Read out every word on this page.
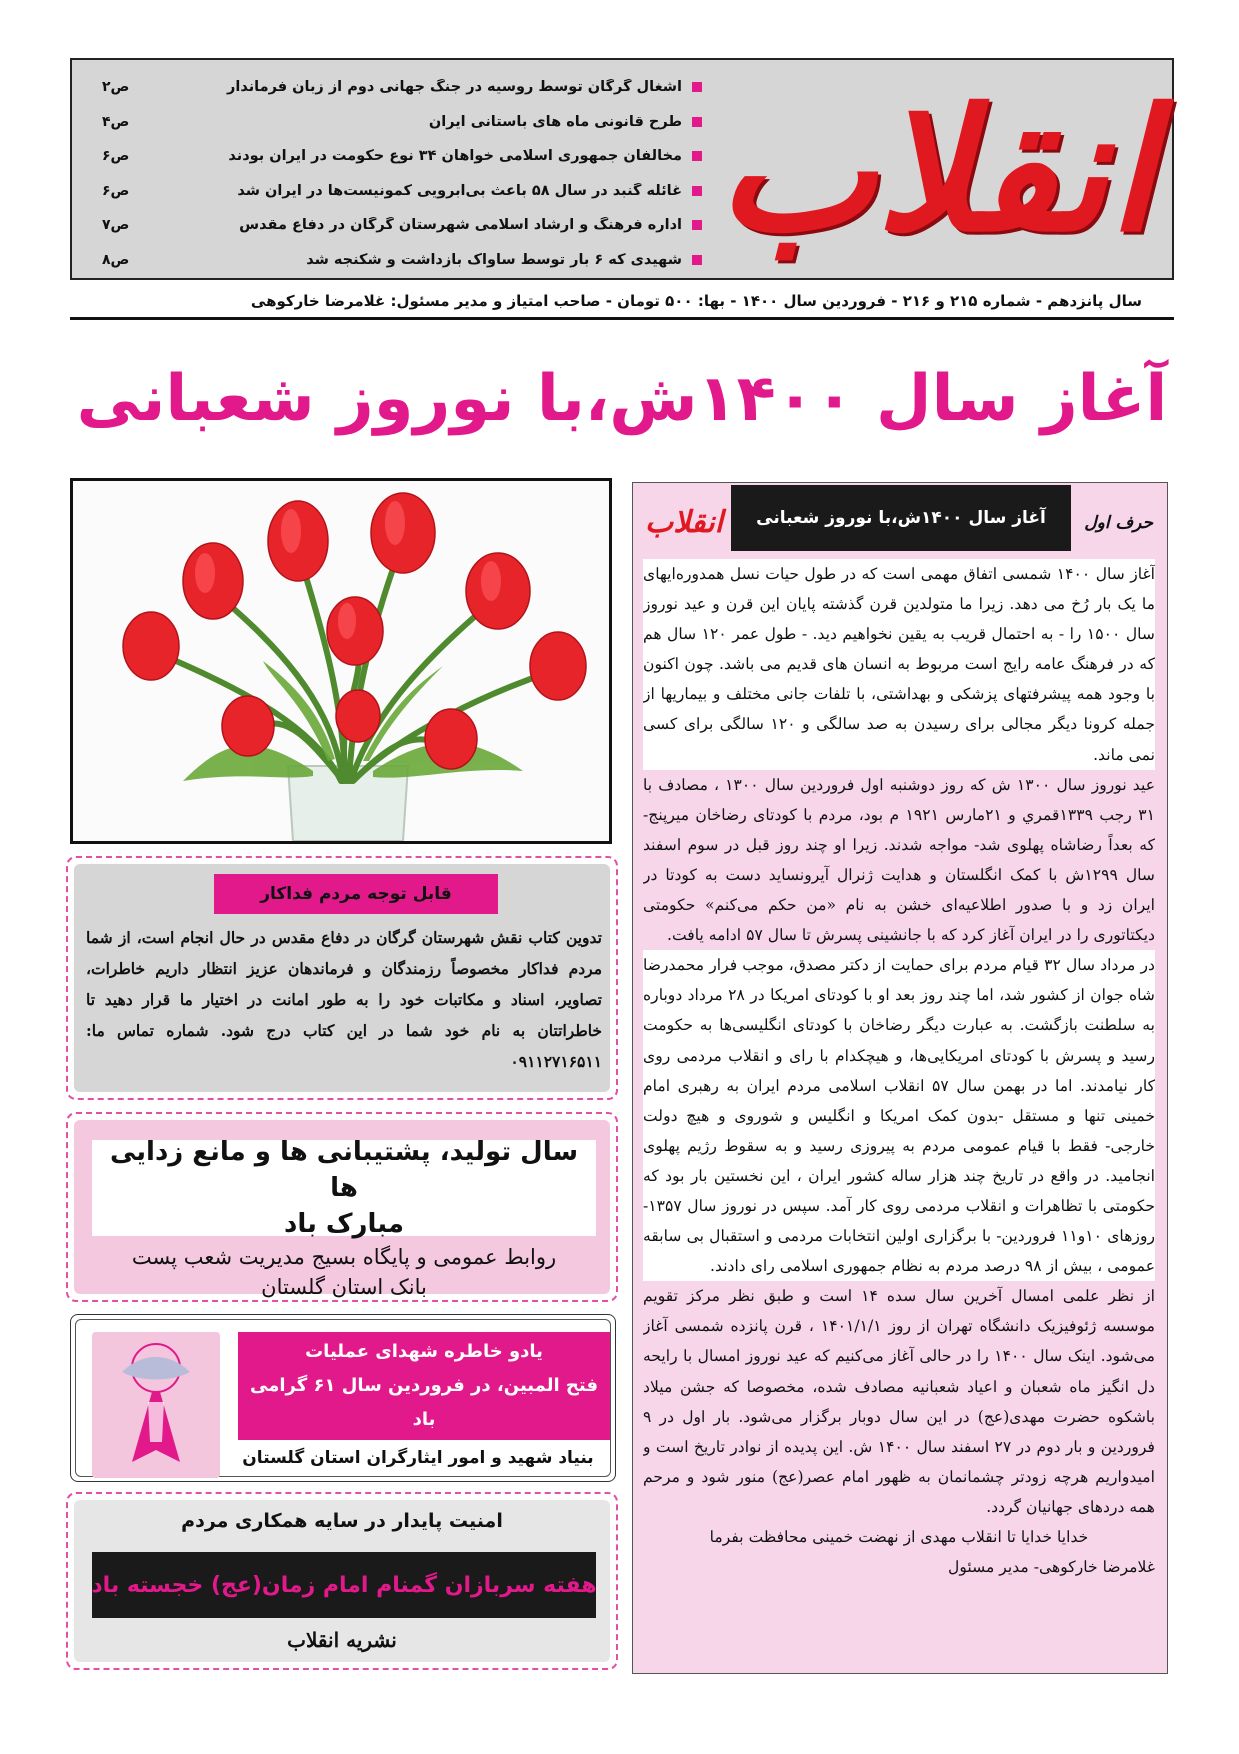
انقلاب
اشغال گرگان توسط روسیه در جنگ جهانی دوم از زبان فرماندار
ص۲
طرح قانونی ماه های باستانی ایران
ص۴
مخالفان جمهوری اسلامی خواهان ۳۴ نوع حکومت در ایران بودند
ص۶
غائله گنبد در سال ۵۸ باعث بی‌آبرویی کمونیست‌ها در ایران شد
ص۶
اداره فرهنگ و ارشاد اسلامی شهرستان گرگان در دفاع مقدس
ص۷
شهیدی که ۶ بار توسط ساواک بازداشت و شکنجه شد
ص۸
سال پانزدهم - شماره ۲۱۵ و ۲۱۶ - فروردین سال ۱۴۰۰ - بها: ۵۰۰ تومان - صاحب امتیاز و مدیر مسئول: غلامرضا خارکوهی
آغاز سال ۱۴۰۰ش،با نوروز شعبانی
قابل توجه مردم فداکار
تدوین کتاب نقش شهرستان گرگان در دفاع مقدس در حال انجام است، از شما مردم فداکار مخصوصاً رزمندگان و فرماندهان عزیز انتظار داریم خاطرات، تصاویر، اسناد و مکاتبات خود را به طور امانت در اختیار ما قرار دهید تا خاطراتتان به نام خود شما در این کتاب درج شود. شماره تماس ما: ۰۹۱۱۲۷۱۶۵۱۱
سال تولید، پشتیبانی ها و مانع زدایی ها
مبارک باد
روابط عمومی و پایگاه بسیج مدیریت شعب پست
بانک استان گلستان
یادو خاطره شهدای عملیات
فتح المبین، در فروردین سال ۶۱ گرامی باد
بنیاد شهید و امور ایثارگران استان گلستان
امنیت پایدار در سایه همکاری مردم
هفته سربازان گمنام امام زمان(عج) خجسته باد
نشریه انقلاب
حرف اول
آغاز سال ۱۴۰۰ش،با نوروز شعبانی
انقلاب

آغاز سال ۱۴۰۰ شمسی اتفاق مهمی است که در طول حیات نسل همدوره‌ایهای ما یک بار رُخ می دهد. زیرا ما متولدین قرن گذشته پایان این قرن و عید نوروز سال ۱۵۰۰ را - به احتمال قریب به یقین نخواهیم دید. - طول عمر ۱۲۰ سال هم که در فرهنگ عامه رایج است مربوط به انسان های قدیم می باشد. چون اکنون با وجود همه پیشرفتهای پزشکی و بهداشتی، با تلفات جانی مختلف و بیماریها از جمله کرونا دیگر مجالی برای رسیدن به صد سالگی و ۱۲۰ سالگی برای کسی نمی ماند.

عید نوروز سال ۱۳۰۰ ش که روز دوشنبه اول فروردین سال ۱۳۰۰ ، مصادف با ۳۱ رجب ۱۳۳۹قمري و ۲۱مارس ۱۹۲۱ م بود، مردم با کودتای رضاخان میرپنج- که بعداً رضاشاه پهلوی شد- مواجه شدند. زیرا او چند روز قبل در سوم اسفند سال ۱۲۹۹ش با کمک انگلستان و هدایت ژنرال آیرونساید دست به کودتا در ایران زد و با صدور اطلاعیه‌ای خشن به نام «من حکم می‌کنم» حکومتی دیکتاتوری را در ایران آغاز کرد که با جانشینی پسرش تا سال ۵۷ ادامه یافت.

در مرداد سال ۳۲ قیام مردم برای حمایت از دکتر مصدق، موجب فرار محمدرضا شاه جوان از کشور شد، اما چند روز بعد او با کودتای امریکا در ۲۸ مرداد دوباره به سلطنت بازگشت. به عبارت دیگر رضاخان با کودتای انگلیسی‌ها به حکومت رسید و پسرش با کودتای امریکایی‌ها، و هیچکدام با رای و انقلاب مردمی روی کار نیامدند. اما در بهمن سال ۵۷ انقلاب اسلامی مردم ایران به رهبری امام خمینی تنها و مستقل -بدون کمک امریکا و انگلیس و شوروی و هیچ دولت خارجی- فقط با قیام عمومی مردم به پیروزی رسید و به سقوط رژیم پهلوی انجامید. در واقع در تاریخ چند هزار ساله کشور ایران ، این نخستین بار بود که حکومتی با تظاهرات و انقلاب مردمی روی کار آمد. سپس در نوروز سال ۱۳۵۷- روزهای ۱۰و۱۱ فروردین- با برگزاری اولین انتخابات مردمی و استقبال بی سابقه عمومی ، بیش از ۹۸ درصد مردم به نظام جمهوری اسلامی رای دادند.

از نظر علمی امسال آخرین سال سده ۱۴ است و طبق نظر مرکز تقویم موسسه ژئوفیزیک دانشگاه تهران از روز ۱۴۰۱/۱/۱ ، قرن پانزده شمسی آغاز می‌شود. اینک سال ۱۴۰۰ را در حالی آغاز می‌کنیم که عید نوروز امسال با رایحه دل انگیز ماه شعبان و اعیاد شعبانیه مصادف شده، مخصوصا که جشن میلاد باشکوه حضرت مهدی(عج) در این سال دوبار برگزار می‌شود. بار اول در ۹ فروردین و بار دوم در ۲۷ اسفند سال ۱۴۰۰ ش. این پدیده از نوادر تاریخ است و امیدواریم هرچه زودتر چشمانمان به ظهور امام عصر(عج) منور شود و مرحم همه دردهای جهانیان گردد.

خدایا خدایا تا انقلاب مهدی از نهضت خمینی محافظت بفرما
غلامرضا خارکوهی- مدیر مسئول
